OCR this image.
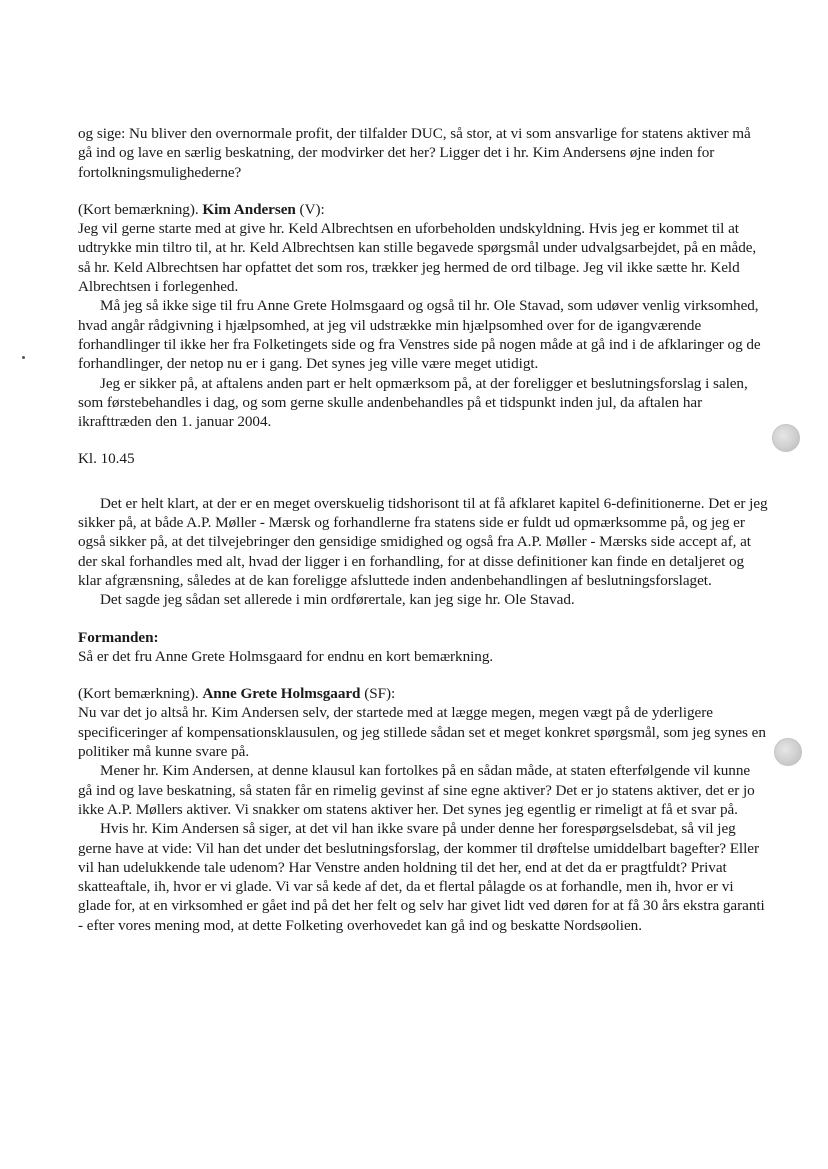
og sige: Nu bliver den overnormale profit, der tilfalder DUC, så stor, at vi som ansvarlige for statens aktiver må gå ind og lave en særlig beskatning, der modvirker det her? Ligger det i hr. Kim Andersens øjne inden for fortolkningsmulighederne?

(Kort bemærkning). Kim Andersen (V):

Jeg vil gerne starte med at give hr. Keld Albrechtsen en uforbeholden undskyldning. Hvis jeg er kommet til at udtrykke min tiltro til, at hr. Keld Albrechtsen kan stille begavede spørgsmål under udvalgsarbejdet, på en måde, så hr. Keld Albrechtsen har opfattet det som ros, trækker jeg hermed de ord tilbage. Jeg vil ikke sætte hr. Keld Albrechtsen i forlegenhed.

Må jeg så ikke sige til fru Anne Grete Holmsgaard og også til hr. Ole Stavad, som udøver venlig virksomhed, hvad angår rådgivning i hjælpsomhed, at jeg vil udstrække min hjælpsomhed over for de igangværende forhandlinger til ikke her fra Folketingets side og fra Venstres side på nogen måde at gå ind i de afklaringer og de forhandlinger, der netop nu er i gang. Det synes jeg ville være meget utidigt.

Jeg er sikker på, at aftalens anden part er helt opmærksom på, at der foreligger et beslutningsforslag i salen, som førstebehandles i dag, og som gerne skulle andenbehandles på et tidspunkt inden jul, da aftalen har ikrafttræden den 1. januar 2004.

Kl. 10.45

Det er helt klart, at der er en meget overskuelig tidshorisont til at få afklaret kapitel 6-definitionerne. Det er jeg sikker på, at både A.P. Møller - Mærsk og forhandlerne fra statens side er fuldt ud opmærksomme på, og jeg er også sikker på, at det tilvejebringer den gensidige smidighed og også fra A.P. Møller - Mærsks side accept af, at der skal forhandles med alt, hvad der ligger i en forhandling, for at disse definitioner kan finde en detaljeret og klar afgrænsning, således at de kan foreligge afsluttede inden andenbehandlingen af beslutningsforslaget.

Det sagde jeg sådan set allerede i min ordførertale, kan jeg sige hr. Ole Stavad.

Formanden:

Så er det fru Anne Grete Holmsgaard for endnu en kort bemærkning.

(Kort bemærkning). Anne Grete Holmsgaard (SF):

Nu var det jo altså hr. Kim Andersen selv, der startede med at lægge megen, megen vægt på de yderligere specificeringer af kompensationsklausulen, og jeg stillede sådan set et meget konkret spørgsmål, som jeg synes en politiker må kunne svare på.

Mener hr. Kim Andersen, at denne klausul kan fortolkes på en sådan måde, at staten efterfølgende vil kunne gå ind og lave beskatning, så staten får en rimelig gevinst af sine egne aktiver? Det er jo statens aktiver, det er jo ikke A.P. Møllers aktiver. Vi snakker om statens aktiver her. Det synes jeg egentlig er rimeligt at få et svar på.

Hvis hr. Kim Andersen så siger, at det vil han ikke svare på under denne her forespørgselsdebat, så vil jeg gerne have at vide: Vil han det under det beslutningsforslag, der kommer til drøftelse umiddelbart bagefter? Eller vil han udelukkende tale udenom? Har Venstre anden holdning til det her, end at det da er pragtfuldt? Privat skatteaftale, ih, hvor er vi glade. Vi var så kede af det, da et flertal pålagde os at forhandle, men ih, hvor er vi glade for, at en virksomhed er gået ind på det her felt og selv har givet lidt ved døren for at få 30 års ekstra garanti - efter vores mening mod, at dette Folketing overhovedet kan gå ind og beskatte Nordsøolien.
